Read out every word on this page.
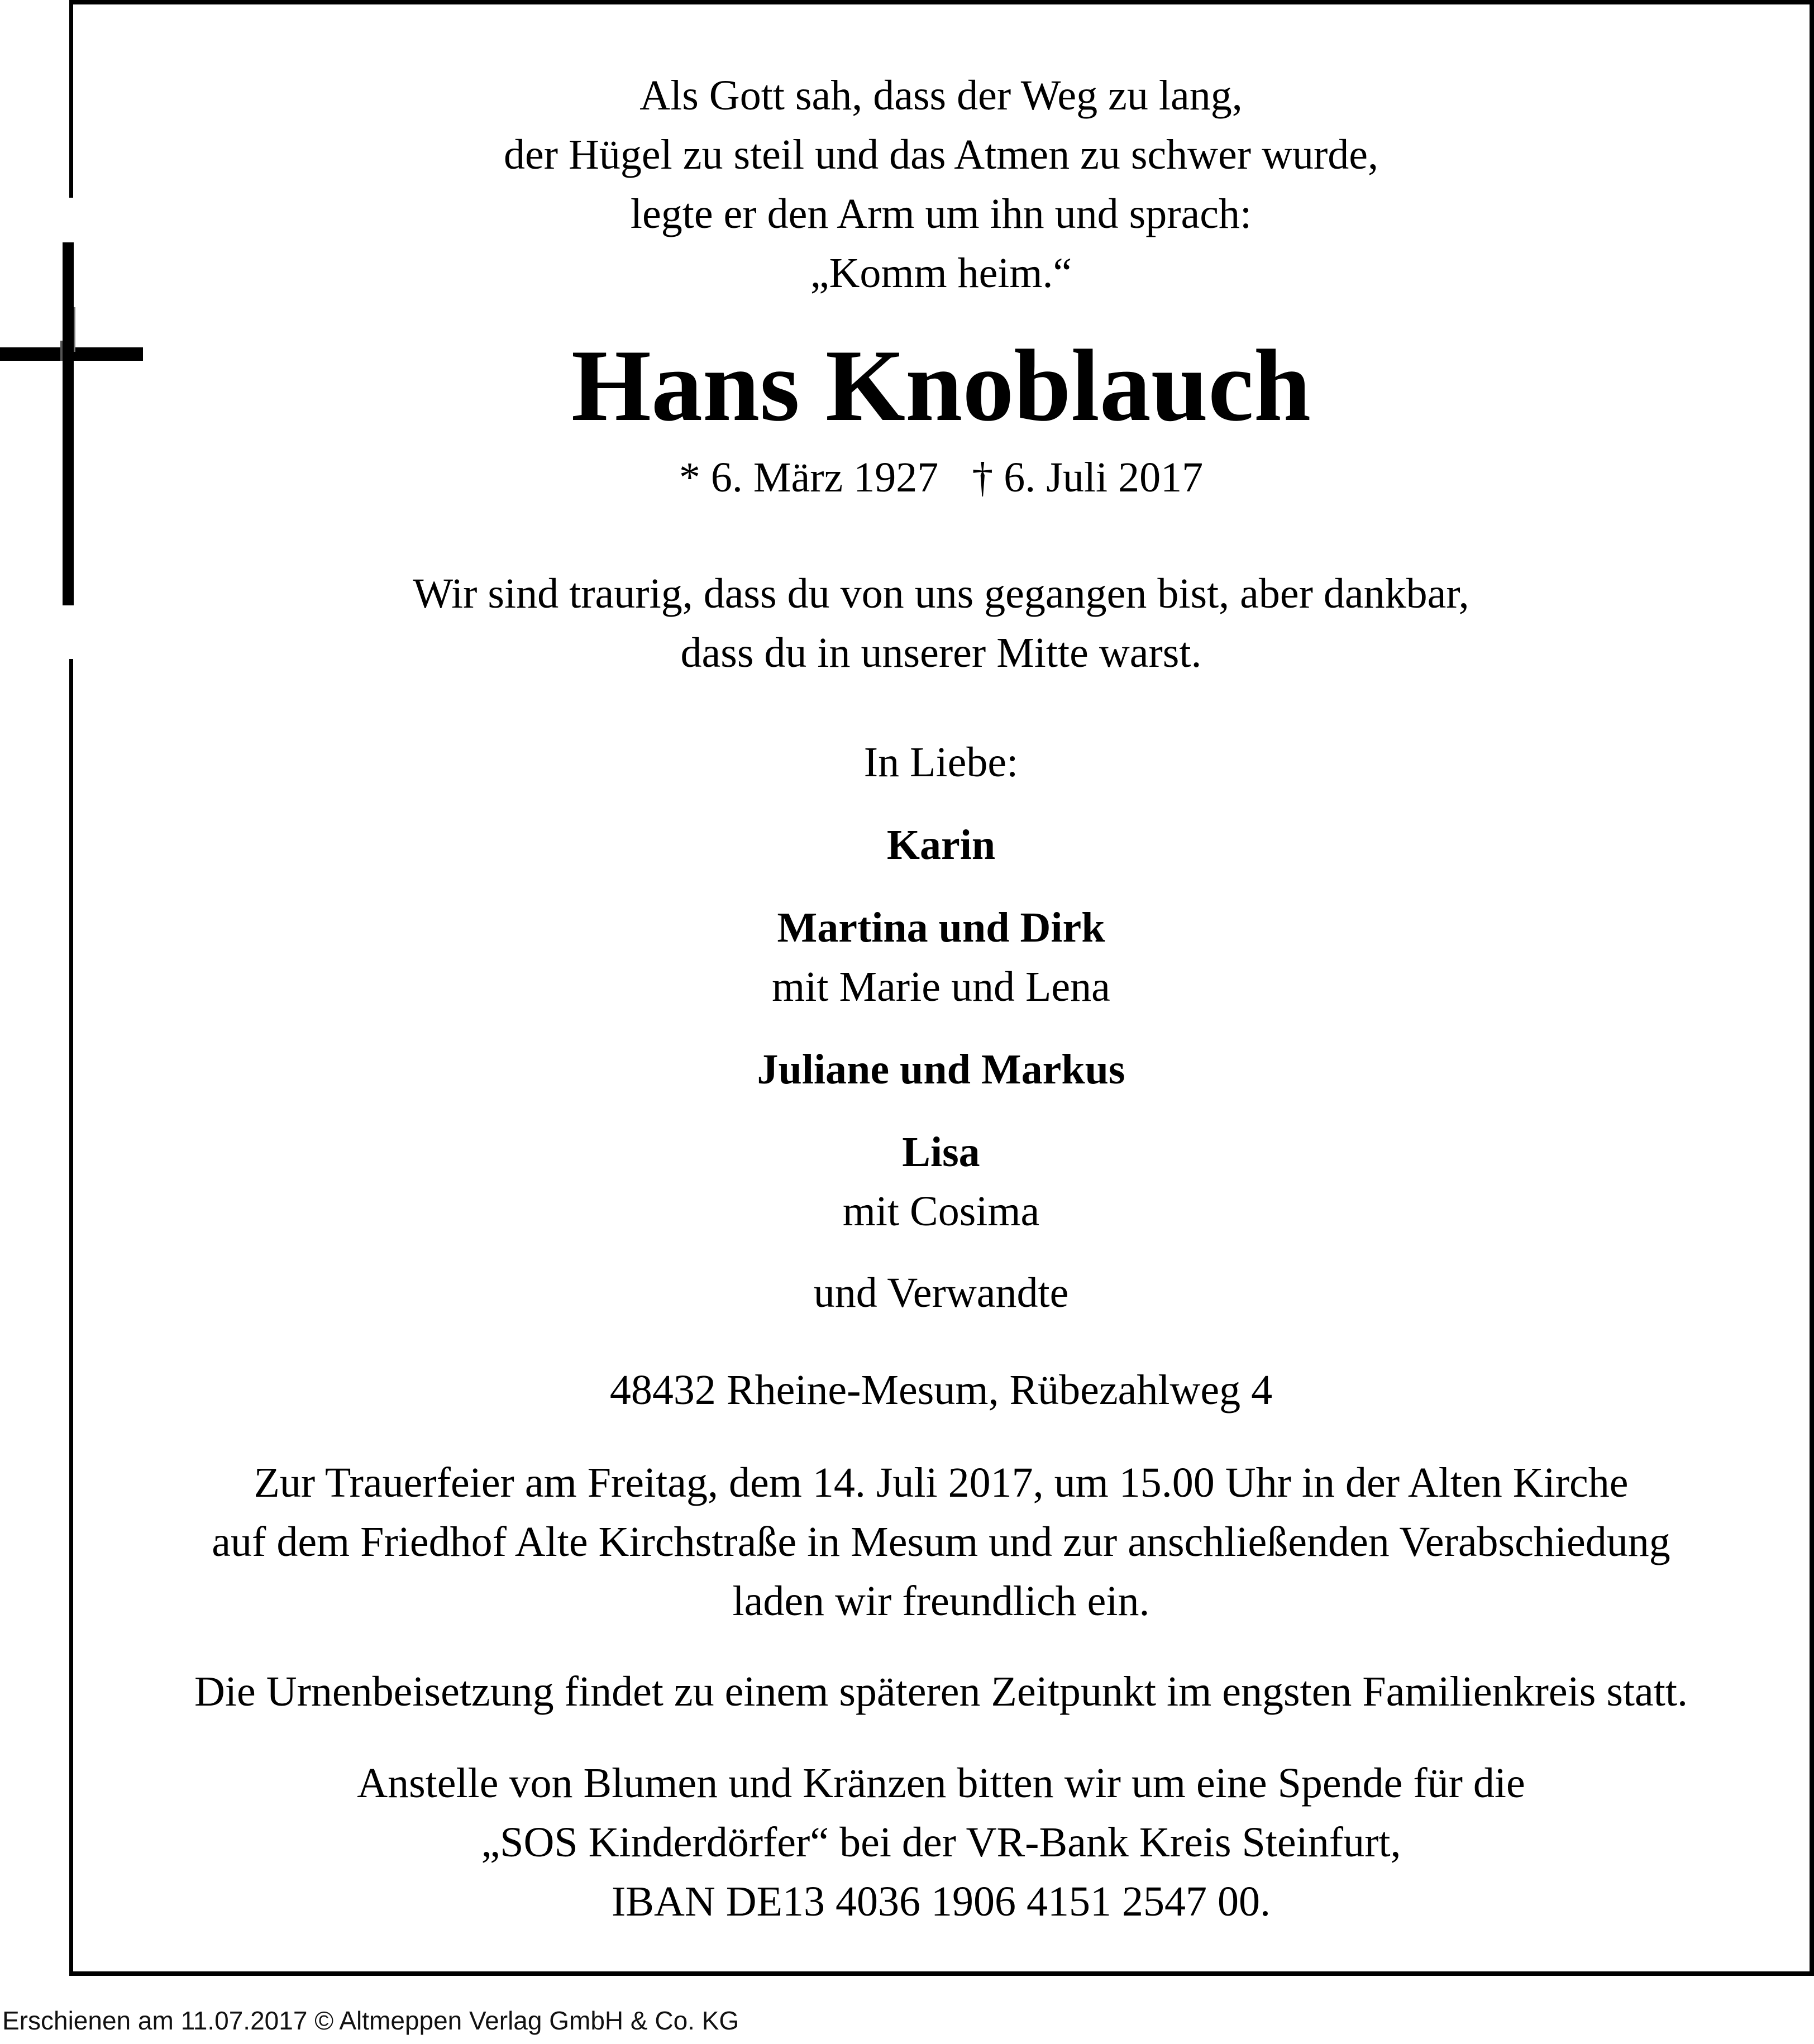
Als Gott sah, dass der Weg zu lang,

der Hügel zu steil und das Atmen zu schwer wurde,

legte er den Arm um ihn und sprach:

„Komm heim.“

Hans Knoblauch

* 6. März 1927 † 6. Juli 2017

Wir sind traurig, dass du von uns gegangen bist, aber dankbar,

dass du in unserer Mitte warst.

In Liebe:

Karin

Martina und Dirk

mit Marie und Lena

Juliane und Markus

Lisa

mit Cosima

und Verwandte

48432 Rheine-Mesum, Rübezahlweg 4

Zur Trauerfeier am Freitag, dem 14. Juli 2017, um 15.00 Uhr in der Alten Kirche

auf dem Friedhof Alte Kirchstraße in Mesum und zur anschließenden Verabschiedung

laden wir freundlich ein.

Die Urnenbeisetzung findet zu einem späteren Zeitpunkt im engsten Familienkreis statt.

Anstelle von Blumen und Kränzen bitten wir um eine Spende für die

„SOS Kinderdörfer“ bei der VR-Bank Kreis Steinfurt,

IBAN DE13 4036 1906 4151 2547 00.

Erschienen am 11.07.2017 © Altmeppen Verlag GmbH & Co. KG
